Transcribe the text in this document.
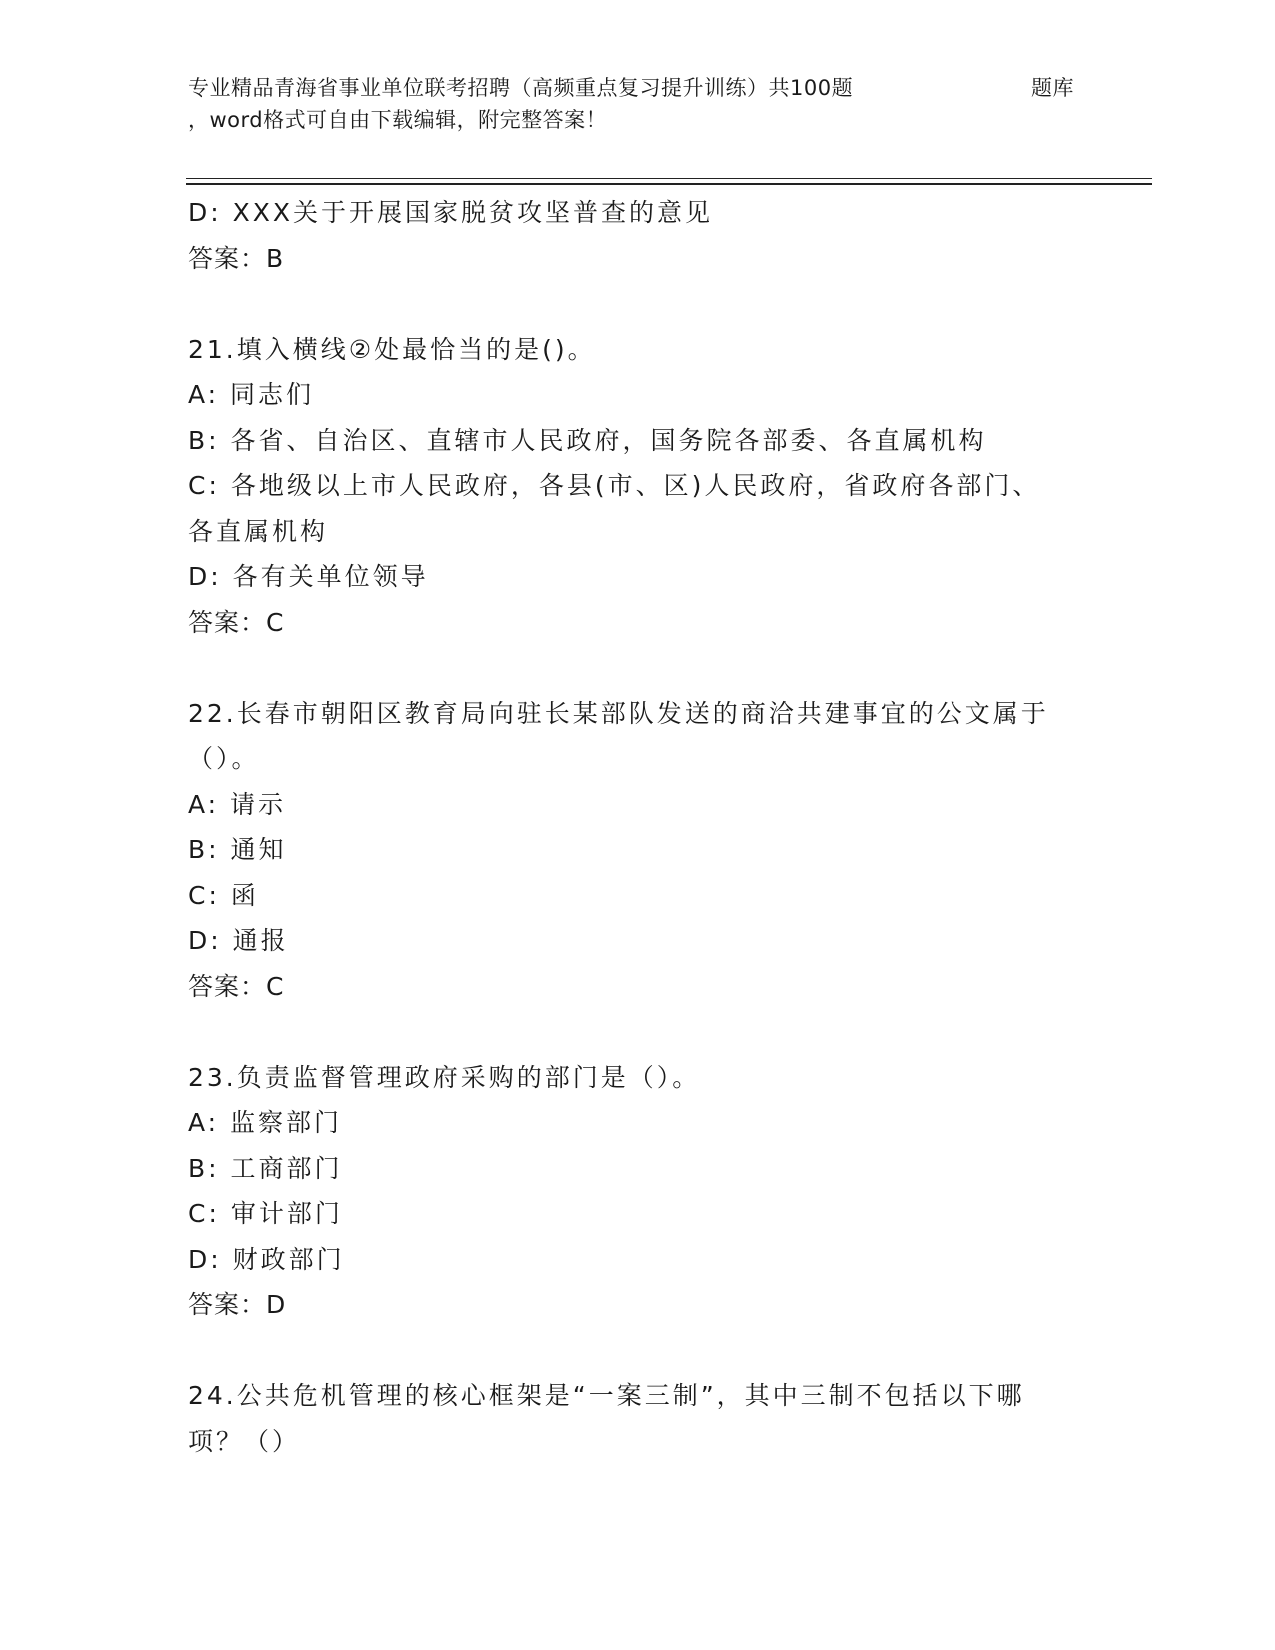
专业精品青海省事业单位联考招聘（高频重点复习提升训练）共100题	题库
，word格式可自由下载编辑，附完整答案！
D: XXX关于开展国家脱贫攻坚普查的意见
答案：B
21.填入横线②处最恰当的是()。
A: 同志们
B: 各省、自治区、直辖市人民政府，国务院各部委、各直属机构
C: 各地级以上市人民政府，各县(市、区)人民政府，省政府各部门、
各直属机构
D: 各有关单位领导
答案：C
22.长春市朝阳区教育局向驻长某部队发送的商洽共建事宜的公文属于
（）。
A: 请示
B: 通知
C: 函
D: 通报
答案：C
23.负责监督管理政府采购的部门是（）。
A: 监察部门
B: 工商部门
C: 审计部门
D: 财政部门
答案：D
24.公共危机管理的核心框架是“一案三制”，其中三制不包括以下哪
项？（）
